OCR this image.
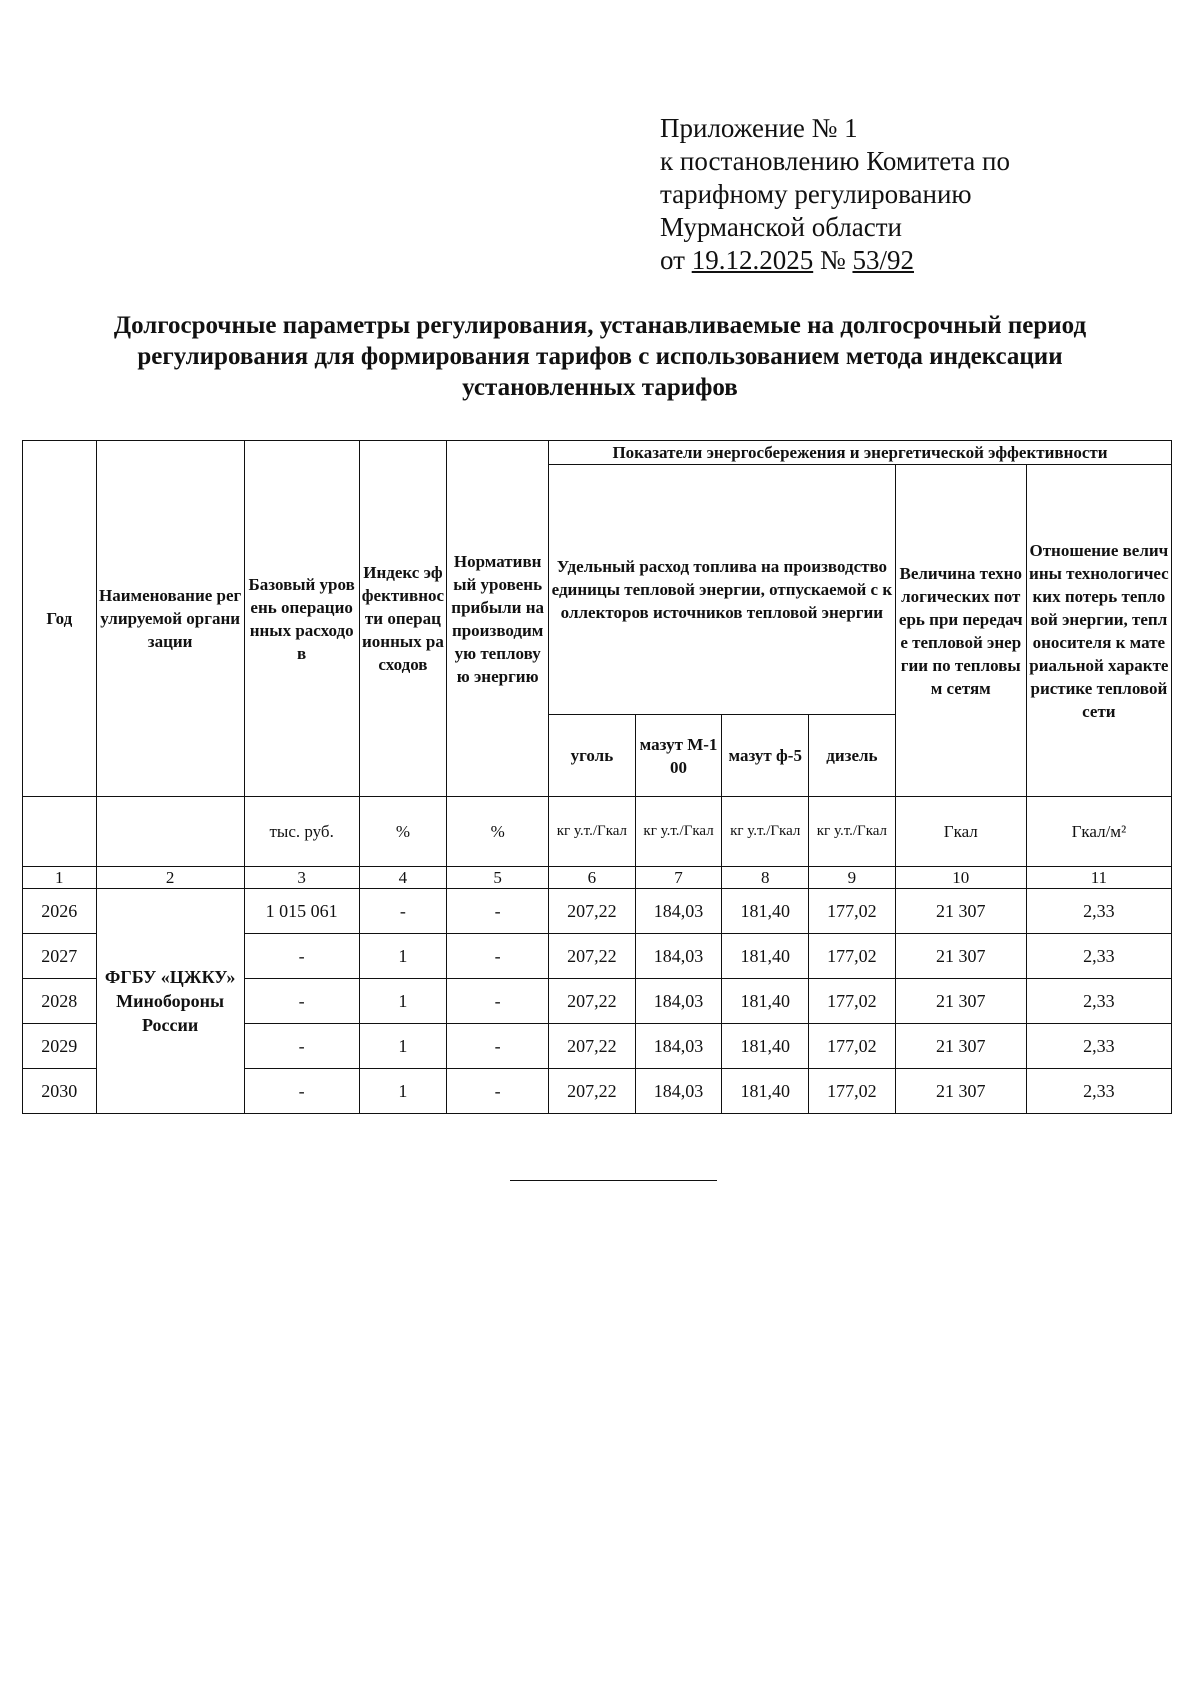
Приложение № 1
к постановлению Комитета по
тарифному регулированию
Мурманской области
от 19.12.2025 № 53/92
Долгосрочные параметры регулирования, устанавливаемые на долгосрочный период регулирования для формирования тарифов с использованием метода индексации установленных тарифов
Год	Наименование регулируемой организации	Базовый уровень операционных расходов	Индекс эффективности операционных расходов	Нормативный уровень прибыли на производимую тепловую энергию	Показатели энергосбережения и энергетической эффективности					
					Удельный расход топлива на производство единицы тепловой энергии, отпускаемой с коллекторов источников тепловой энергии				Величина технологических потерь при передаче тепловой энергии по тепловым сетям	Отношение величины технологических потерь тепловой энергии, теплоносителя к материальной характеристике тепловой сети
					уголь	мазут М-100	мазут ф-5	дизель		
		тыс. руб.	%	%	кг у.т./Гкал	кг у.т./Гкал	кг у.т./Гкал	кг у.т./Гкал	Гкал	Гкал/м²
1	2	3	4	5	6	7	8	9	10	11
2026	ФГБУ «ЦЖКУ» Минобороны России	1 015 061	-	-	207,22	184,03	181,40	177,02	21 307	2,33
2027		-	1	-	207,22	184,03	181,40	177,02	21 307	2,33
2028		-	1	-	207,22	184,03	181,40	177,02	21 307	2,33
2029		-	1	-	207,22	184,03	181,40	177,02	21 307	2,33
2030		-	1	-	207,22	184,03	181,40	177,02	21 307	2,33
